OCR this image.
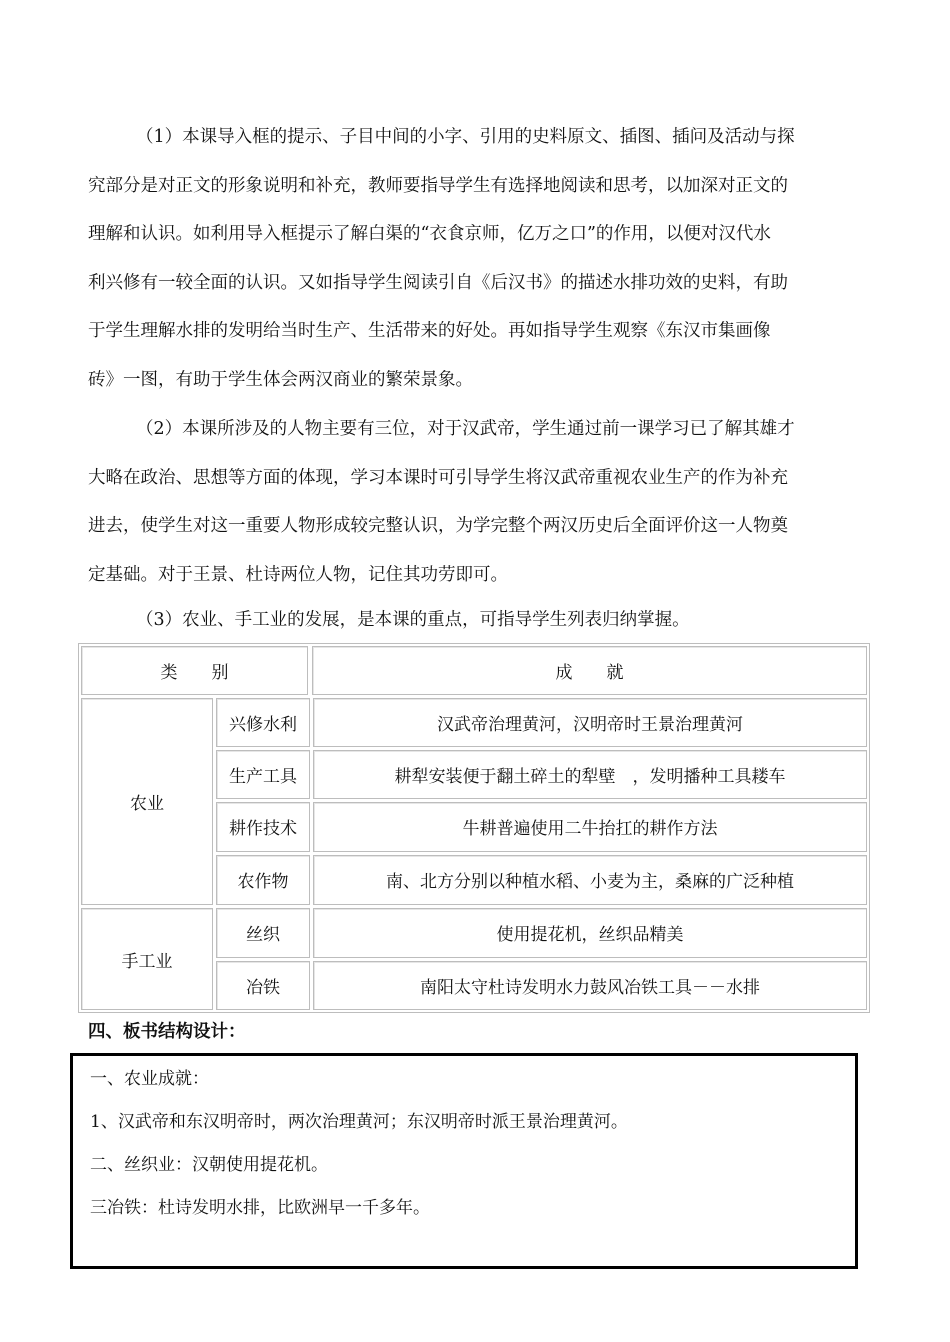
（1）本课导入框的提示、子目中间的小字、引用的史料原文、插图、插问及活动与探
究部分是对正文的形象说明和补充，教师要指导学生有选择地阅读和思考，以加深对正文的
理解和认识。如利用导入框提示了解白渠的“衣食京师，亿万之口”的作用，以便对汉代水
利兴修有一较全面的认识。又如指导学生阅读引自《后汉书》的描述水排功效的史料，有助
于学生理解水排的发明给当时生产、生活带来的好处。再如指导学生观察《东汉市集画像
砖》一图，有助于学生体会两汉商业的繁荣景象。
（2）本课所涉及的人物主要有三位，对于汉武帝，学生通过前一课学习已了解其雄才
大略在政治、思想等方面的体现，学习本课时可引导学生将汉武帝重视农业生产的作为补充
进去，使学生对这一重要人物形成较完整认识，为学完整个两汉历史后全面评价这一人物奠
定基础。对于王景、杜诗两位人物，记住其功劳即可。
（3）农业、手工业的发展，是本课的重点，可指导学生列表归纳掌握。
类　　别	成　　就
农业
兴修水利	汉武帝治理黄河，汉明帝时王景治理黄河
生产工具	耕犁安装便于翻土碎土的犁壁　，发明播种工具耧车
耕作技术	牛耕普遍使用二牛抬扛的耕作方法
农作物	南、北方分别以种植水稻、小麦为主，桑麻的广泛种植
手工业
丝织	使用提花机，丝织品精美
冶铁	南阳太守杜诗发明水力鼓风冶铁工具－－水排
四、板书结构设计：

一、农业成就：

1、汉武帝和东汉明帝时，两次治理黄河；东汉明帝时派王景治理黄河。

二、丝织业：汉朝使用提花机。

三冶铁：杜诗发明水排，比欧洲早一千多年。
